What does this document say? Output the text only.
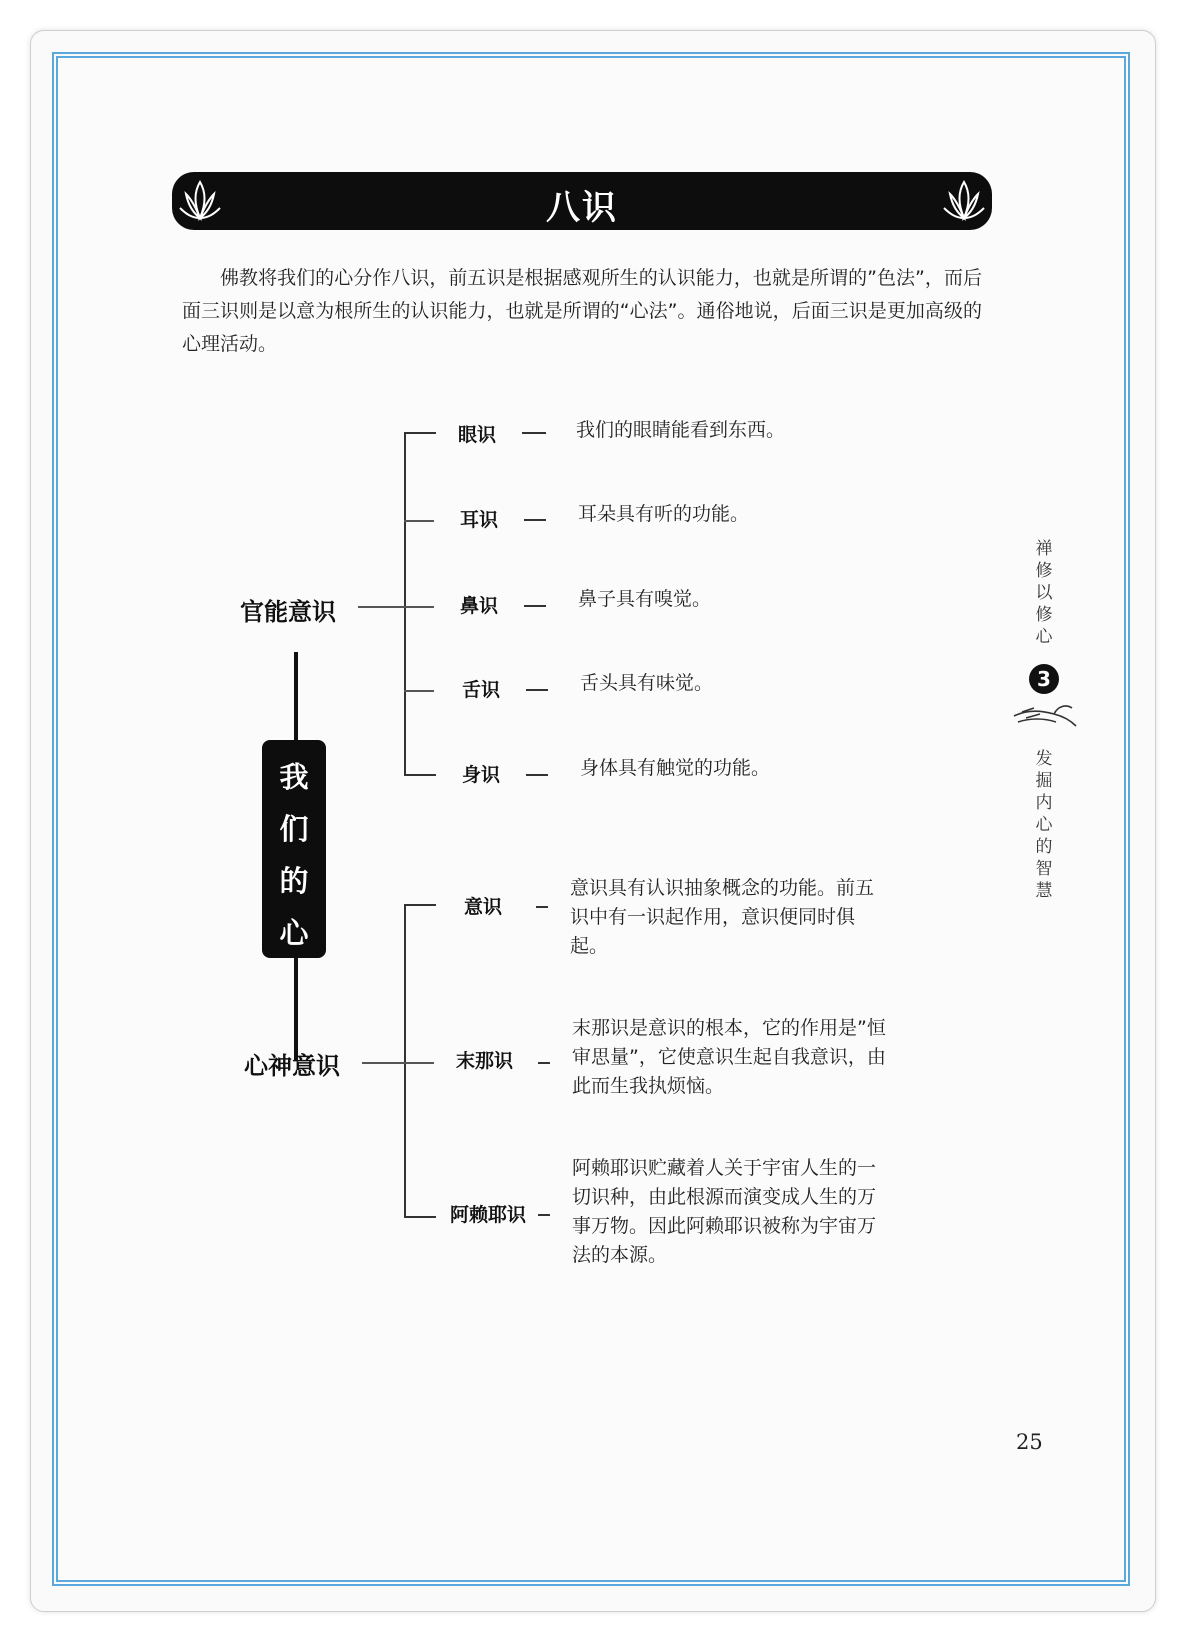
八识
佛教将我们的心分作八识，前五识是根据感观所生的认识能力，也就是所谓的”色法”，而后面三识则是以意为根所生的认识能力，也就是所谓的“心法”。通俗地说，后面三识是更加高级的心理活动。
我
们
的
心
官能意识
眼识	我们的眼睛能看到东西。
耳识	耳朵具有听的功能。
鼻识	鼻子具有嗅觉。
舌识	舌头具有味觉。
身识	身体具有触觉的功能。
心神意识
意识
意识具有认识抽象概念的功能。前五识中有一识起作用，意识便同时俱起。
末那识
末那识是意识的根本，它的作用是”恒审思量”，它使意识生起自我意识，由此而生我执烦恼。
阿赖耶识
阿赖耶识贮藏着人关于宇宙人生的一切识种，由此根源而演变成人生的万事万物。因此阿赖耶识被称为宇宙万法的本源。
禅
修
以
修
心
3
发
掘
内
心
的
智
慧
25
